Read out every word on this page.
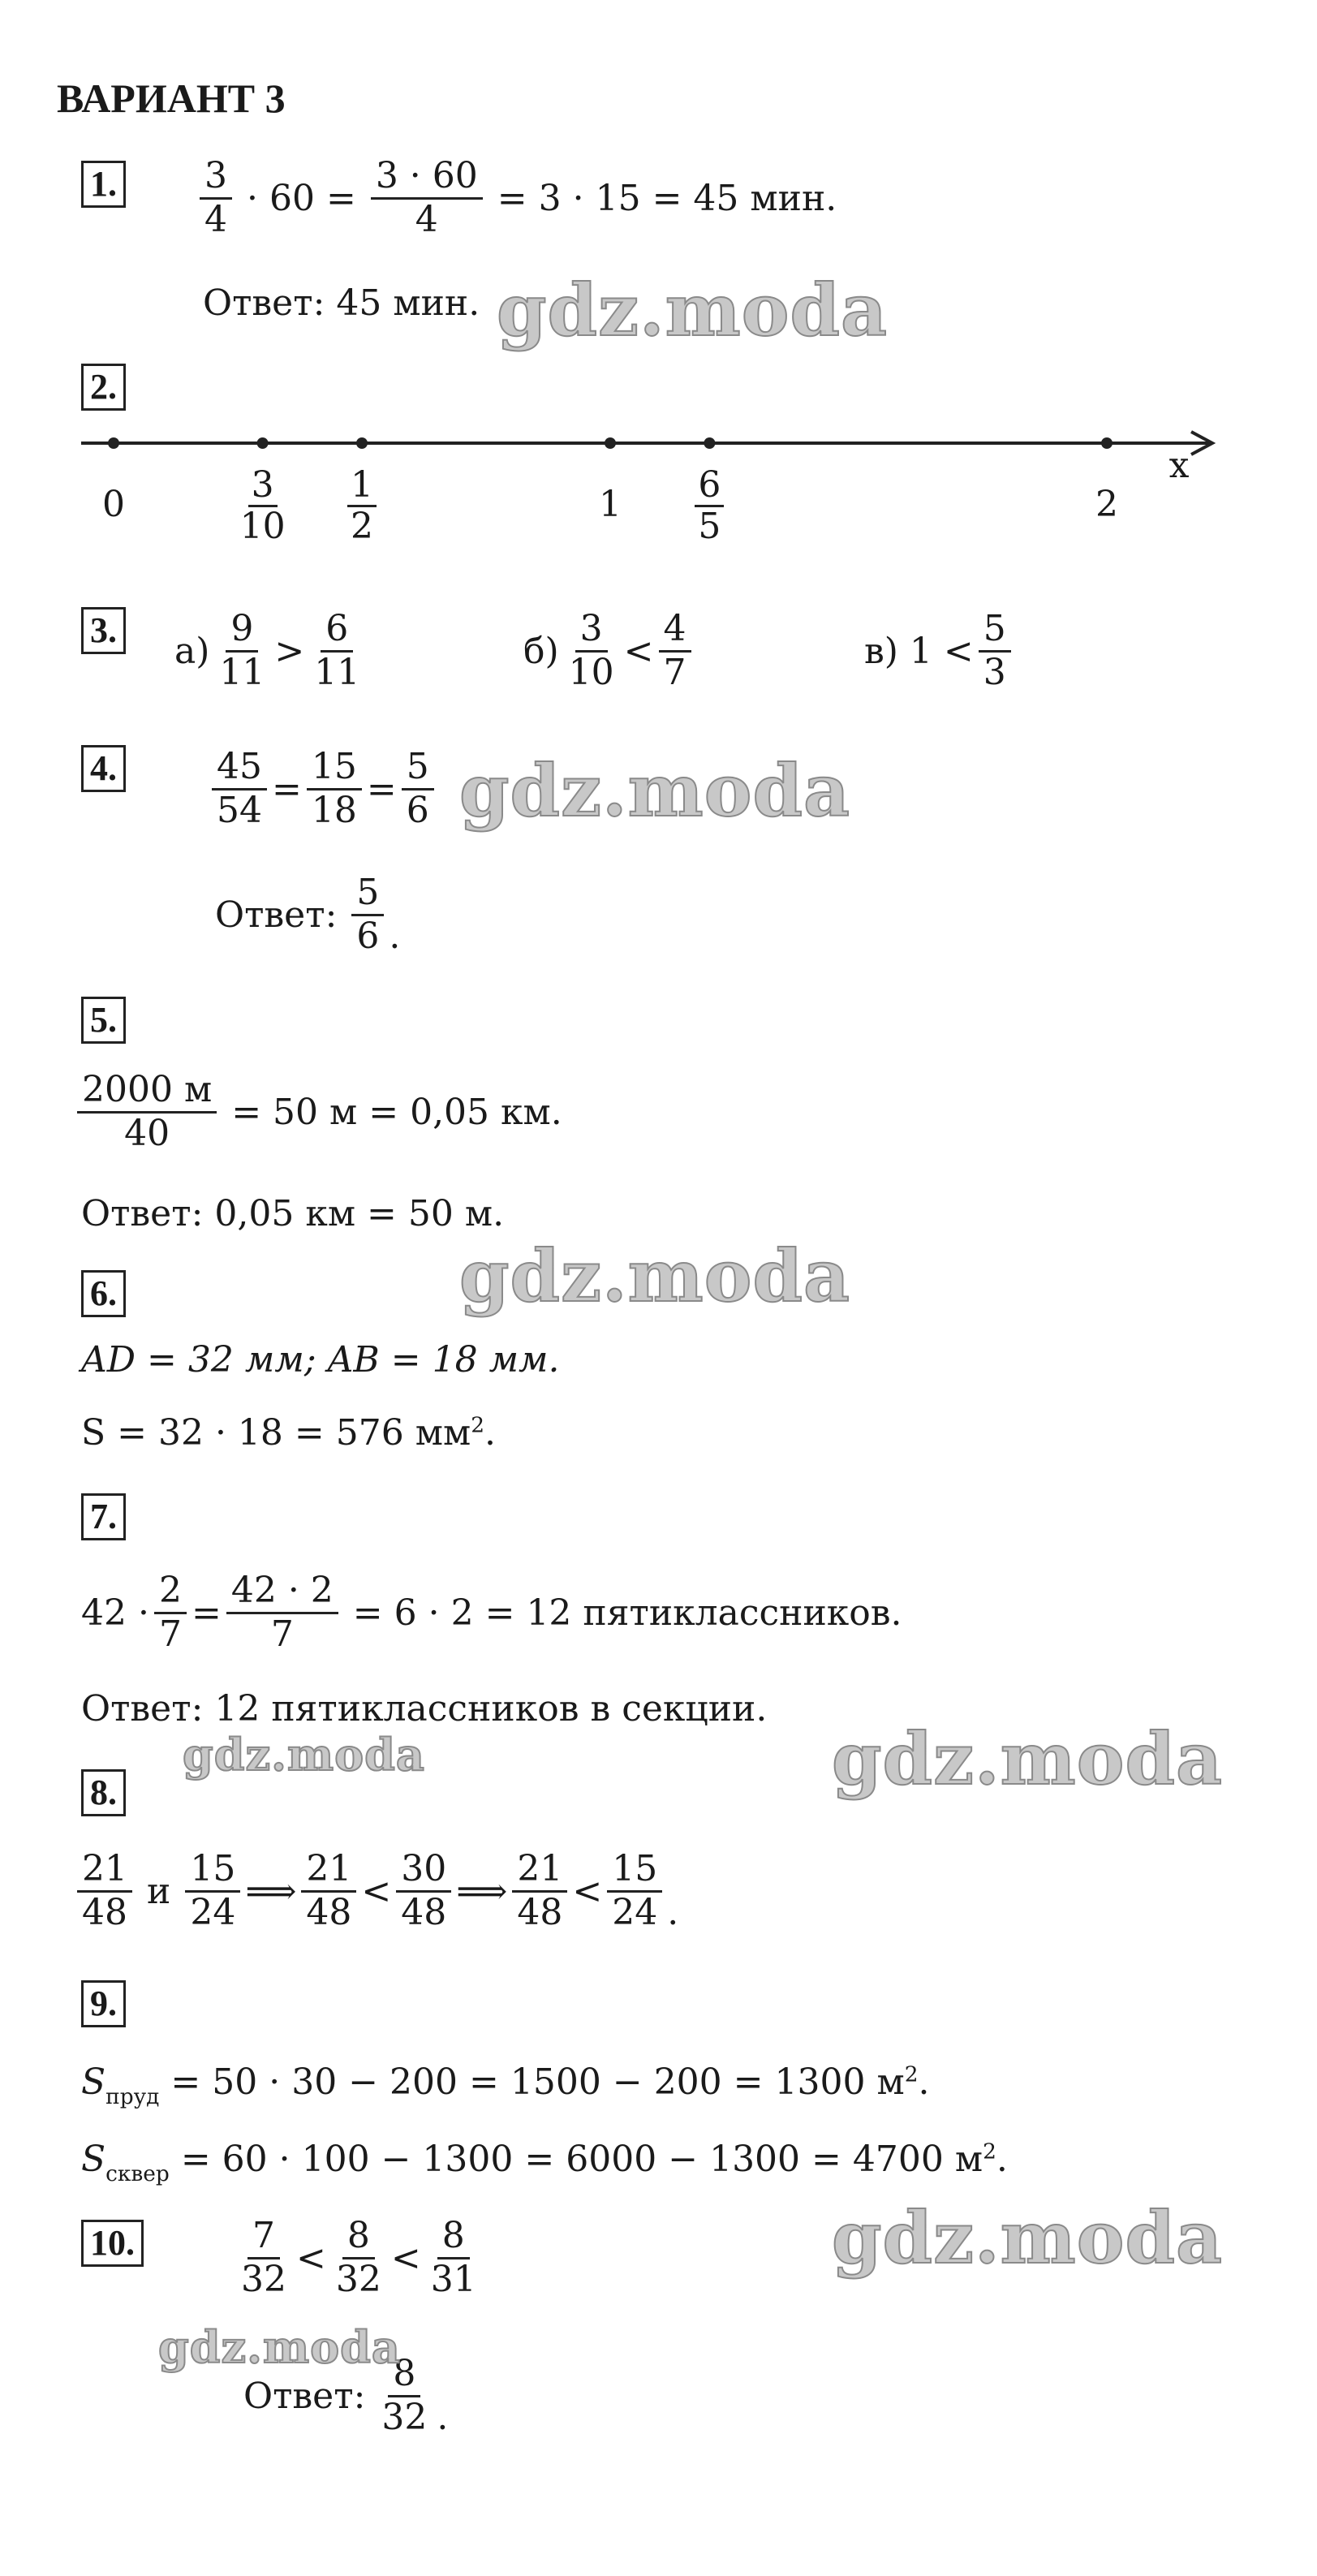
ВАРИАНТ 3
1. $\frac{3}{4} \cdot 60 = \frac{3 \cdot 60}{4} = 3 \cdot 15 = 45$ мин.
Ответ: 45 мин.
2.
x
0	$\frac{3}{10} \frac{1}{2}$	$1 \frac{6}{5}$	2
3.
$а) \frac{9}{11} > \frac{6}{11}$	$б) \frac{3}{10} < \frac{4}{7}$	в) $1 < \frac{5}{3}$
4.	$\frac{45}{54} = \frac{15}{18} = \frac{5}{6}$
Ответ: $\frac{5}{6}$ .
5.
$\frac{2000 м}{40} = 50$ м = 0,05 км.
Ответ: 0,05 км = 50 м.
6.
AD = 32 мм; AB = 18 мм.
S = 32 · 18 = 576 $мм^2$.
7.
$42 \cdot \frac{2}{7} = \frac{42 \cdot 2}{7} = 6 \cdot 2 = 12$ пятиклассников.
Ответ: 12 пятиклассников в секции.
8.
$\frac{21}{48}$ и $\frac{15}{24}$ ⟹ $\frac{21}{48} < \frac{30}{48}$ ⟹ $\frac{21}{48} < \frac{15}{24}$ .
9.
$S_{пруд} = 50 \cdot 30 - 200 = 1500 - 200 = 1300$ $м^2$.
$S_{сквер} = 60 \cdot 100 - 1300 = 6000 - 1300 = 4700$ $м^2$.
10.	$\frac{7}{32} < \frac{8}{32} < \frac{8}{31}$
Ответ: $\frac{8}{32}$ .
gdz.moda
gdz.moda
gdz.moda
gdz.moda	gdz.moda
gdz.moda
gdz.moda
